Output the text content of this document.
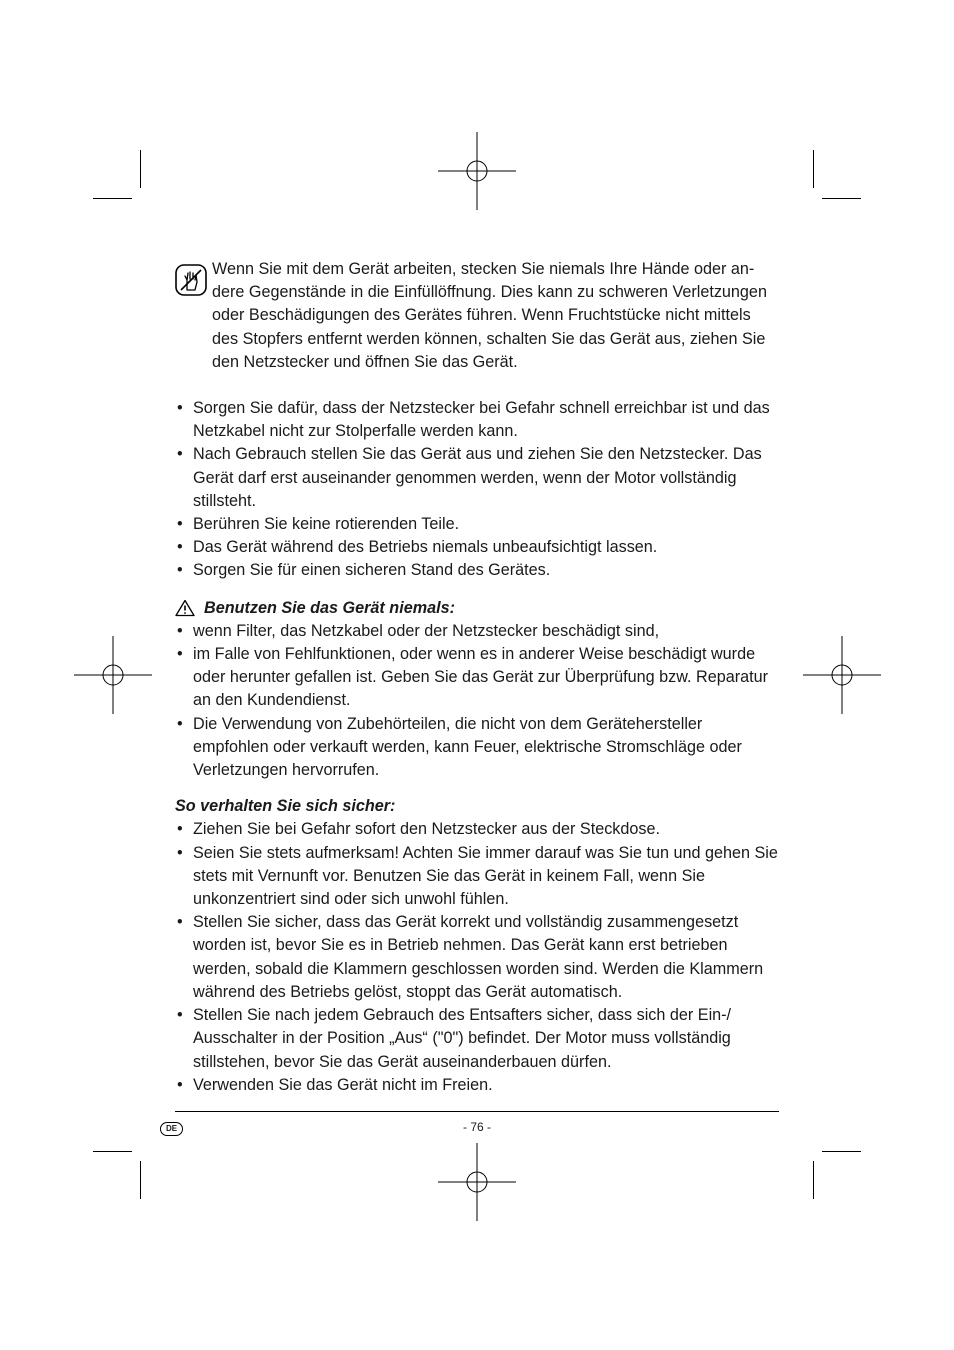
Wenn Sie mit dem Gerät arbeiten, stecken Sie niemals Ihre Hände oder andere Gegenstände in die Einfüllöffnung. Dies kann zu schweren Verletzungen oder Beschädigungen des Gerätes führen. Wenn Fruchtstücke nicht mittels des Stopfers entfernt werden können, schalten Sie das Gerät aus, ziehen Sie den Netzstecker und öffnen Sie das Gerät.
• Sorgen Sie dafür, dass der Netzstecker bei Gefahr schnell erreichbar ist und das Netzkabel nicht zur Stolperfalle werden kann.
• Nach Gebrauch stellen Sie das Gerät aus und ziehen Sie den Netzstecker. Das Gerät darf erst auseinander genommen werden, wenn der Motor vollständig stillsteht.
• Berühren Sie keine rotierenden Teile.
• Das Gerät während des Betriebs niemals unbeaufsichtigt lassen.
• Sorgen Sie für einen sicheren Stand des Gerätes.
Benutzen Sie das Gerät niemals:
• wenn Filter, das Netzkabel oder der Netzstecker beschädigt sind,
• im Falle von Fehlfunktionen, oder wenn es in anderer Weise beschädigt wurde oder herunter gefallen ist. Geben Sie das Gerät zur Überprüfung bzw. Reparatur an den Kundendienst.
• Die Verwendung von Zubehörteilen, die nicht von dem Gerätehersteller empfohlen oder verkauft werden, kann Feuer, elektrische Stromschläge oder Verletzungen hervorrufen.
So verhalten Sie sich sicher:
• Ziehen Sie bei Gefahr sofort den Netzstecker aus der Steckdose.
• Seien Sie stets aufmerksam! Achten Sie immer darauf was Sie tun und gehen Sie stets mit Vernunft vor. Benutzen Sie das Gerät in keinem Fall, wenn Sie unkonzentriert sind oder sich unwohl fühlen.
• Stellen Sie sicher, dass das Gerät korrekt und vollständig zusammengesetzt worden ist, bevor Sie es in Betrieb nehmen. Das Gerät kann erst betrieben werden, sobald die Klammern geschlossen worden sind. Werden die Klammern während des Betriebs gelöst, stoppt das Gerät automatisch.
• Stellen Sie nach jedem Gebrauch des Entsafters sicher, dass sich der Ein-/ Ausschalter in der Position „Aus“ ("0") befindet. Der Motor muss vollständig stillstehen, bevor Sie das Gerät auseinanderbauen dürfen.
• Verwenden Sie das Gerät nicht im Freien.
DE	- 76 -
